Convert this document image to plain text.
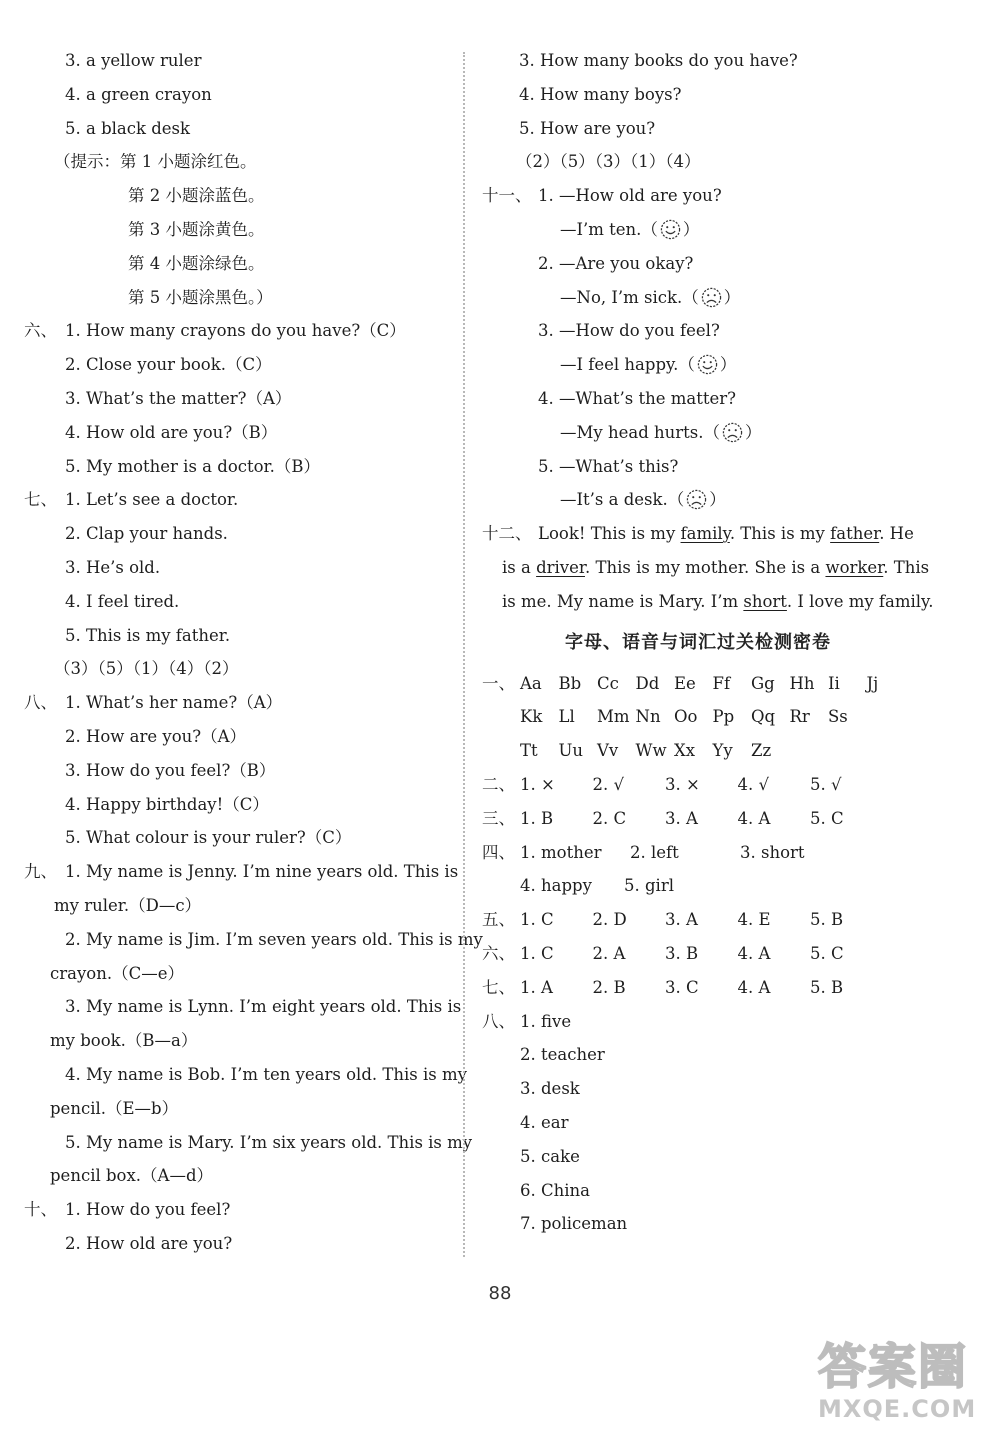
3. a yellow ruler
4. a green crayon
5. a black desk
（提示：第 1 小题涂红色。
第 2 小题涂蓝色。
第 3 小题涂黄色。
第 4 小题涂绿色。
第 5 小题涂黑色。）
六、 1. How many crayons do you have?（C）
2. Close your book.（C）
3. What’s the matter?（A）
4. How old are you?（B）
5. My mother is a doctor.（B）
七、 1. Let’s see a doctor.
2. Clap your hands.
3. He’s old.
4. I feel tired.
5. This is my father.
（3）（5）（1）（4）（2）
八、 1. What’s her name?（A）
2. How are you?（A）
3. How do you feel?（B）
4. Happy birthday!（C）
5. What colour is your ruler?（C）
九、 1. My name is Jenny. I’m nine years old. This is
my ruler.（D—c）
2. My name is Jim. I’m seven years old. This is my
crayon.（C—e）
3. My name is Lynn. I’m eight years old. This is
my book.（B—a）
4. My name is Bob. I’m ten years old. This is my
pencil.（E—b）
5. My name is Mary. I’m six years old. This is my
pencil box.（A—d）
十、 1. How do you feel?
2. How old are you?
3. How many books do you have?
4. How many boys?
5. How are you?
（2）（5）（3）（1）（4）
十一、 1. —How old are you?
—I’m ten.（ ）
2. —Are you okay?
—No, I’m sick.（ ）
3. —How do you feel?
—I feel happy.（ ）
4. —What’s the matter?
—My head hurts.（ ）
5. —What’s this?
—It’s a desk.（ ）
十二、 Look! This is my family. This is my father. He
is a driver. This is my mother. She is a worker. This
is me. My name is Mary. I’m short. I love my family.
字母、语音与词汇过关检测密卷
一、 Aa	Bb Cc	Dd Ee	Ff	Gg Hh Ii	Jj
Kk Ll	Mm Nn Oo Pp	Qq Rr	Ss
Tt	Uu Vv	Ww Xx	Yy	Zz
二、 1. ×	2. √	3. ×	4. √	5. √
三、 1. B	2. C	3. A	4. A	5. C
四、 1. mother	2. left	3. short
4. happy	5. girl
五、 1. C	2. D	3. A	4. E	5. B
六、 1. C	2. A	3. B	4. A	5. C
七、 1. A	2. B	3. C	4. A	5. B
八、 1. five
2. teacher
3. desk
4. ear
5. cake
6. China
7. policeman
88
答案圈
MXQE.COM
